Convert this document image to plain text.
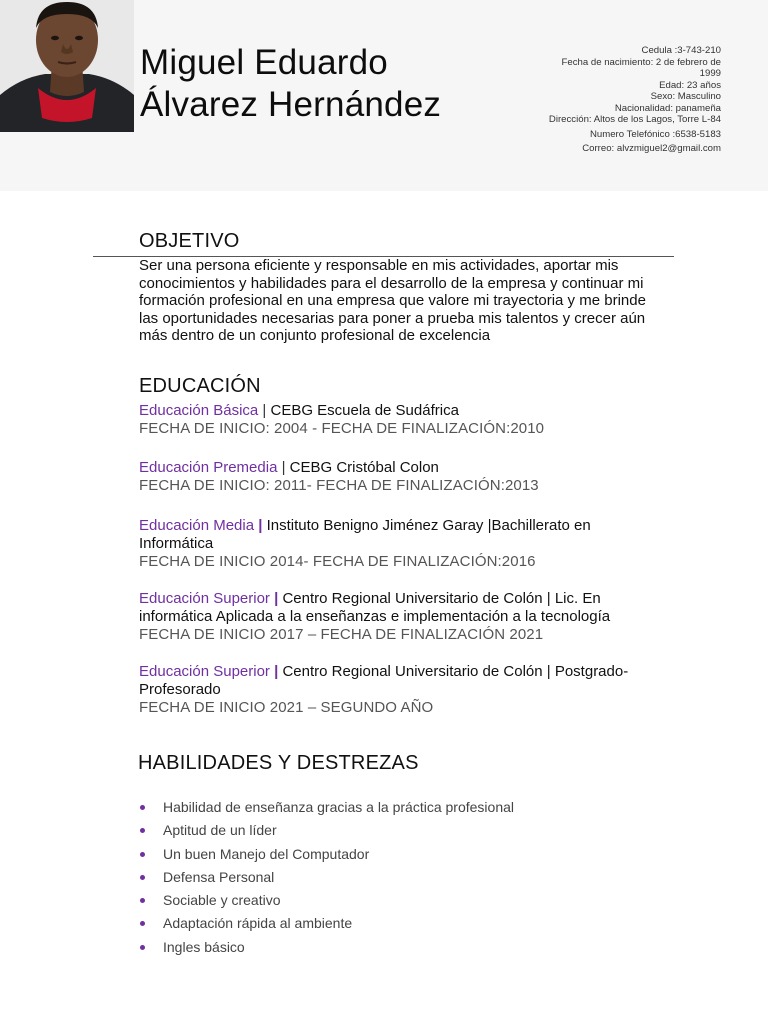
Miguel Eduardo
Álvarez Hernández
Cedula :3-743-210
Fecha de nacimiento: 2 de febrero de
1999
Edad: 23 años
Sexo: Masculino
Nacionalidad: panameña
Dirección: Altos de los Lagos, Torre L-84
Numero Telefónico :6538-5183
Correo: alvzmiguel2@gmail.com
OBJETIVO
Ser una persona eficiente y responsable en mis actividades, aportar mis conocimientos y habilidades para el desarrollo de la empresa y continuar mi formación profesional en una empresa que valore mi trayectoria y me brinde las oportunidades necesarias para poner a prueba mis talentos y crecer aún más dentro de un conjunto profesional de excelencia
EDUCACIÓN
Educación Básica | CEBG Escuela de Sudáfrica
FECHA DE INICIO: 2004 - FECHA DE FINALIZACIÓN:2010
Educación Premedia | CEBG Cristóbal Colon
FECHA DE INICIO: 2011- FECHA DE FINALIZACIÓN:2013
Educación Media | Instituto Benigno Jiménez Garay |Bachillerato en Informática
FECHA DE INICIO 2014- FECHA DE FINALIZACIÓN:2016
Educación Superior | Centro Regional Universitario de Colón | Lic. En informática Aplicada a la enseñanzas e implementación a la tecnología
FECHA DE INICIO 2017 – FECHA DE FINALIZACIÓN 2021
Educación Superior | Centro Regional Universitario de Colón | Postgrado-Profesorado
FECHA DE INICIO 2021 – SEGUNDO AÑO
HABILIDADES Y DESTREZAS
Habilidad de enseñanza gracias a la práctica profesional
Aptitud de un líder
Un buen Manejo del Computador
Defensa Personal
Sociable y creativo
Adaptación rápida al ambiente
Ingles básico
